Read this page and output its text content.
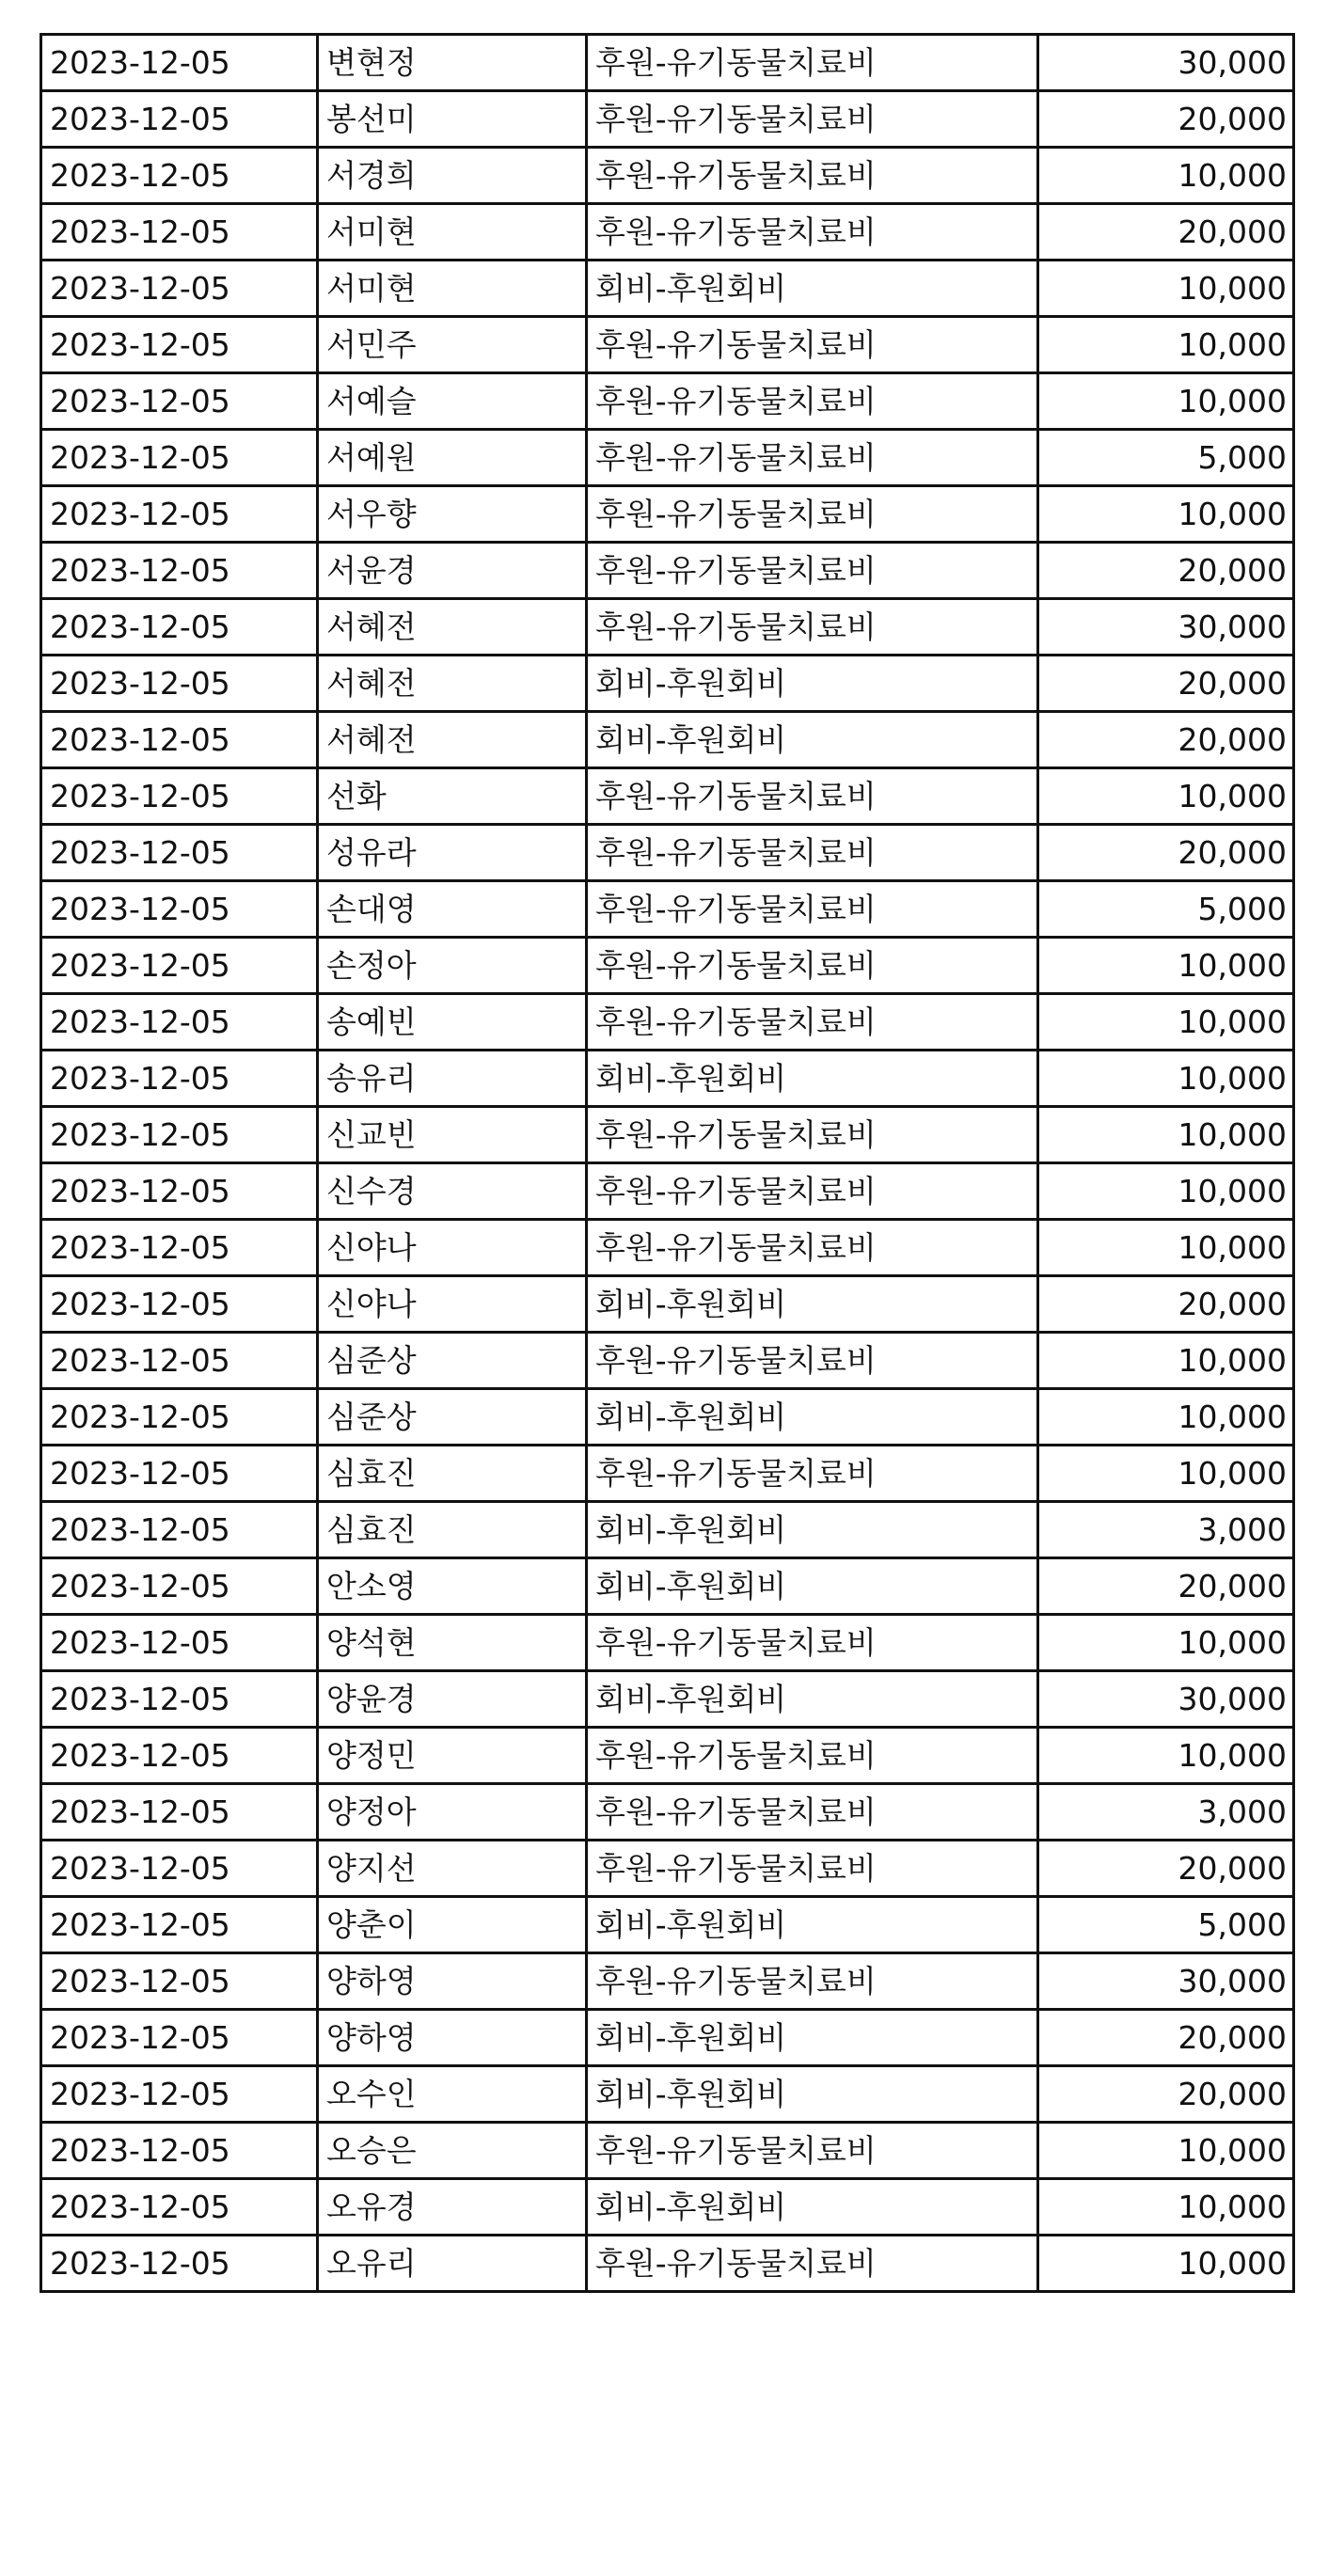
2023-12-05	변현정	후원-유기동물치료비	30,000
2023-12-05	봉선미	후원-유기동물치료비	20,000
2023-12-05	서경희	후원-유기동물치료비	10,000
2023-12-05	서미현	후원-유기동물치료비	20,000
2023-12-05	서미현	회비-후원회비	10,000
2023-12-05	서민주	후원-유기동물치료비	10,000
2023-12-05	서예슬	후원-유기동물치료비	10,000
2023-12-05	서예원	후원-유기동물치료비	5,000
2023-12-05	서우향	후원-유기동물치료비	10,000
2023-12-05	서윤경	후원-유기동물치료비	20,000
2023-12-05	서혜전	후원-유기동물치료비	30,000
2023-12-05	서혜전	회비-후원회비	20,000
2023-12-05	서혜전	회비-후원회비	20,000
2023-12-05	선화	후원-유기동물치료비	10,000
2023-12-05	성유라	후원-유기동물치료비	20,000
2023-12-05	손대영	후원-유기동물치료비	5,000
2023-12-05	손정아	후원-유기동물치료비	10,000
2023-12-05	송예빈	후원-유기동물치료비	10,000
2023-12-05	송유리	회비-후원회비	10,000
2023-12-05	신교빈	후원-유기동물치료비	10,000
2023-12-05	신수경	후원-유기동물치료비	10,000
2023-12-05	신야나	후원-유기동물치료비	10,000
2023-12-05	신야나	회비-후원회비	20,000
2023-12-05	심준상	후원-유기동물치료비	10,000
2023-12-05	심준상	회비-후원회비	10,000
2023-12-05	심효진	후원-유기동물치료비	10,000
2023-12-05	심효진	회비-후원회비	3,000
2023-12-05	안소영	회비-후원회비	20,000
2023-12-05	양석현	후원-유기동물치료비	10,000
2023-12-05	양윤경	회비-후원회비	30,000
2023-12-05	양정민	후원-유기동물치료비	10,000
2023-12-05	양정아	후원-유기동물치료비	3,000
2023-12-05	양지선	후원-유기동물치료비	20,000
2023-12-05	양춘이	회비-후원회비	5,000
2023-12-05	양하영	후원-유기동물치료비	30,000
2023-12-05	양하영	회비-후원회비	20,000
2023-12-05	오수인	회비-후원회비	20,000
2023-12-05	오승은	후원-유기동물치료비	10,000
2023-12-05	오유경	회비-후원회비	10,000
2023-12-05	오유리	후원-유기동물치료비	10,000
